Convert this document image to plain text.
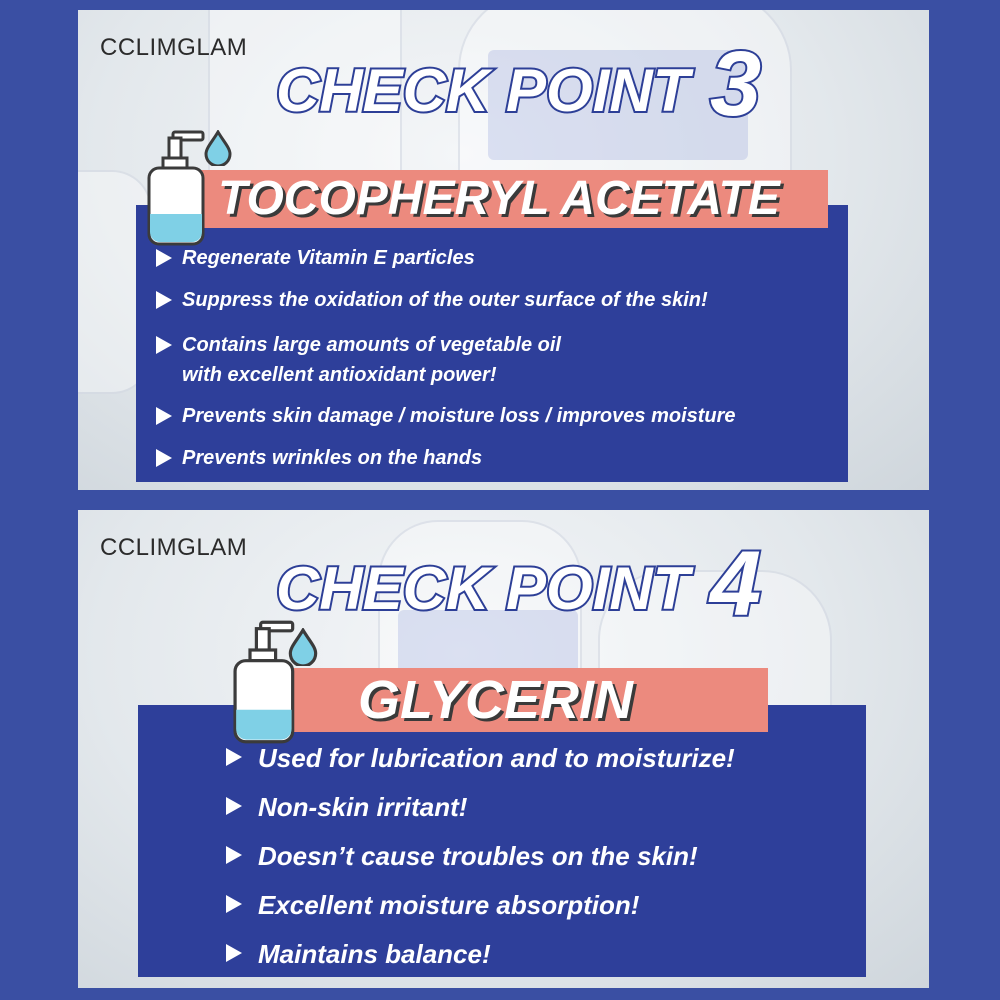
CCLIMGLAM
CHECK POINT 3
TOCOPHERYL ACETATE
Regenerate Vitamin E particles
Suppress the oxidation of the outer surface of the skin!
Contains large amounts of vegetable oil
with excellent antioxidant power!
Prevents skin damage / moisture loss / improves moisture
Prevents wrinkles on the hands
CCLIMGLAM
CHECK POINT 4
GLYCERIN
Used for lubrication and to moisturize!
Non-skin irritant!
Doesn’t cause troubles on the skin!
Excellent moisture absorption!
Maintains balance!
